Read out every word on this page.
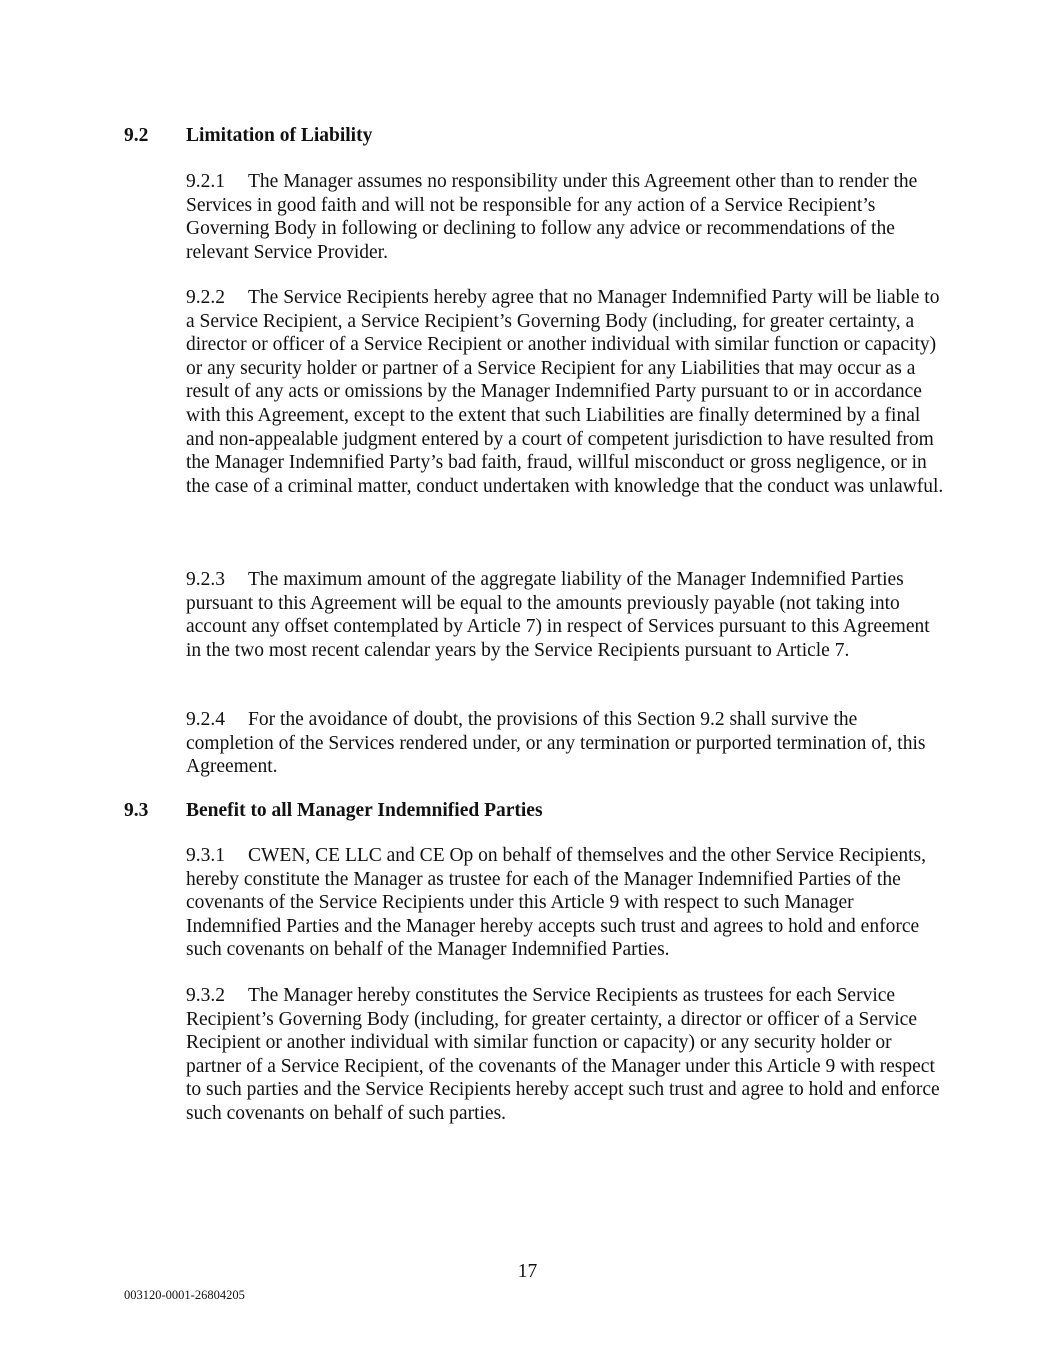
9.2 Limitation of Liability
9.2.1 The Manager assumes no responsibility under this Agreement other than to render the Services in good faith and will not be responsible for any action of a Service Recipient’s Governing Body in following or declining to follow any advice or recommendations of the relevant Service Provider.
9.2.2 The Service Recipients hereby agree that no Manager Indemnified Party will be liable to a Service Recipient, a Service Recipient’s Governing Body (including, for greater certainty, a director or officer of a Service Recipient or another individual with similar function or capacity) or any security holder or partner of a Service Recipient for any Liabilities that may occur as a result of any acts or omissions by the Manager Indemnified Party pursuant to or in accordance with this Agreement, except to the extent that such Liabilities are finally determined by a final and non-appealable judgment entered by a court of competent jurisdiction to have resulted from the Manager Indemnified Party’s bad faith, fraud, willful misconduct or gross negligence, or in the case of a criminal matter, conduct undertaken with knowledge that the conduct was unlawful.
9.2.3 The maximum amount of the aggregate liability of the Manager Indemnified Parties pursuant to this Agreement will be equal to the amounts previously payable (not taking into account any offset contemplated by Article 7) in respect of Services pursuant to this Agreement in the two most recent calendar years by the Service Recipients pursuant to Article 7.
9.2.4 For the avoidance of doubt, the provisions of this Section 9.2 shall survive the completion of the Services rendered under, or any termination or purported termination of, this Agreement.
9.3 Benefit to all Manager Indemnified Parties
9.3.1 CWEN, CE LLC and CE Op on behalf of themselves and the other Service Recipients, hereby constitute the Manager as trustee for each of the Manager Indemnified Parties of the covenants of the Service Recipients under this Article 9 with respect to such Manager Indemnified Parties and the Manager hereby accepts such trust and agrees to hold and enforce such covenants on behalf of the Manager Indemnified Parties.
9.3.2 The Manager hereby constitutes the Service Recipients as trustees for each Service Recipient’s Governing Body (including, for greater certainty, a director or officer of a Service Recipient or another individual with similar function or capacity) or any security holder or partner of a Service Recipient, of the covenants of the Manager under this Article 9 with respect to such parties and the Service Recipients hereby accept such trust and agree to hold and enforce such covenants on behalf of such parties.
17
003120-0001-26804205
